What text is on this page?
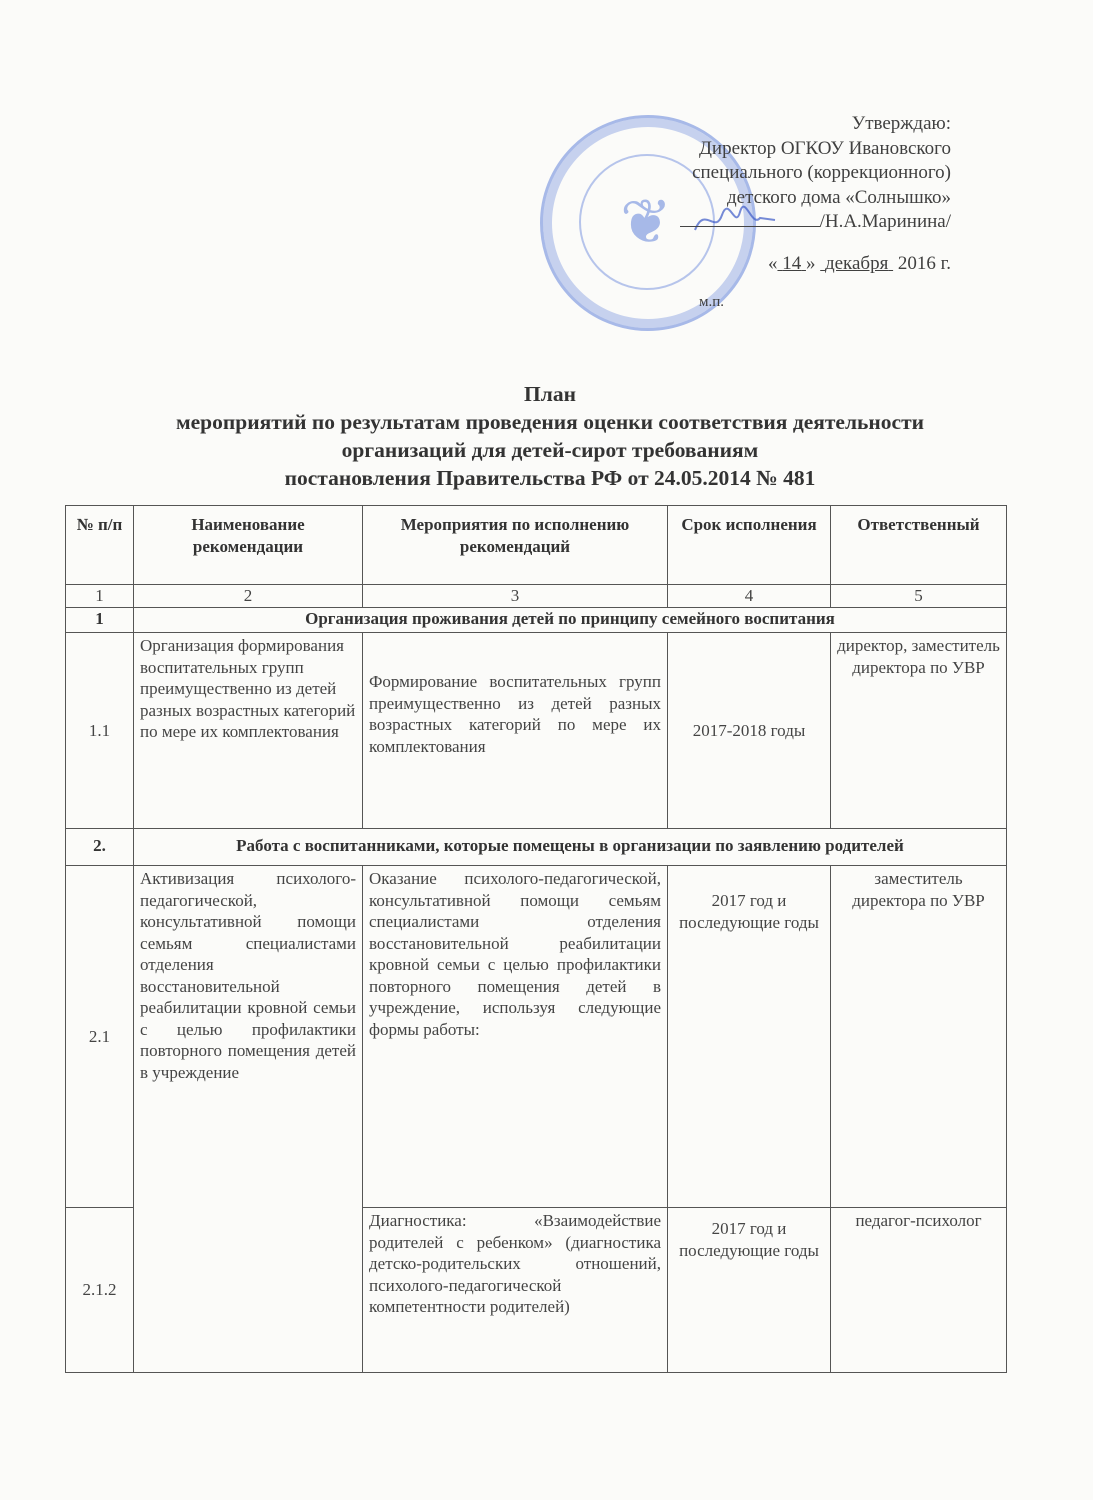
❦
Утверждаю:
Директор ОГКОУ Ивановского
специального (коррекционного)
детского дома «Солнышко»
/Н.А.Маринина/
« 14 » декабря 2016 г.
м.п.
План
мероприятий по результатам проведения оценки соответствия деятельности
организаций для детей-сирот требованиям
постановления Правительства РФ от 24.05.2014 № 481
№ п/п	Наименование рекомендации	Мероприятия по исполнению рекомендаций	Срок исполнения	Ответственный
1	2	3	4	5
1	Организация проживания детей по принципу семейного воспитания			
1.1	Организация формирования воспитательных групп преимущественно из детей разных возрастных категорий по мере их комплектования	Формирование воспитательных групп преимущественно из детей разных возрастных категорий по мере их комплектования	2017-2018 годы	директор, заместитель директора по УВР
2.	Работа с воспитанниками, которые помещены в организации по заявлению родителей			
2.1	Активизация психолого-педагогической, консультативной помощи семьям специалистами отделения восстановительной реабилитации кровной семьи с целью профилактики повторного помещения детей в учреждение	Оказание психолого-педагогической, консультативной помощи семьям специалистами отделения восстановительной реабилитации кровной семьи с целью профилактики повторного помещения детей в учреждение, используя следующие формы работы:	2017 год и последующие годы	заместитель директора по УВР
2.1.2		Диагностика: «Взаимодействие родителей с ребенком» (диагностика детско-родительских отношений, психолого-педагогической компетентности родителей)	2017 год и последующие годы	педагог-психолог
